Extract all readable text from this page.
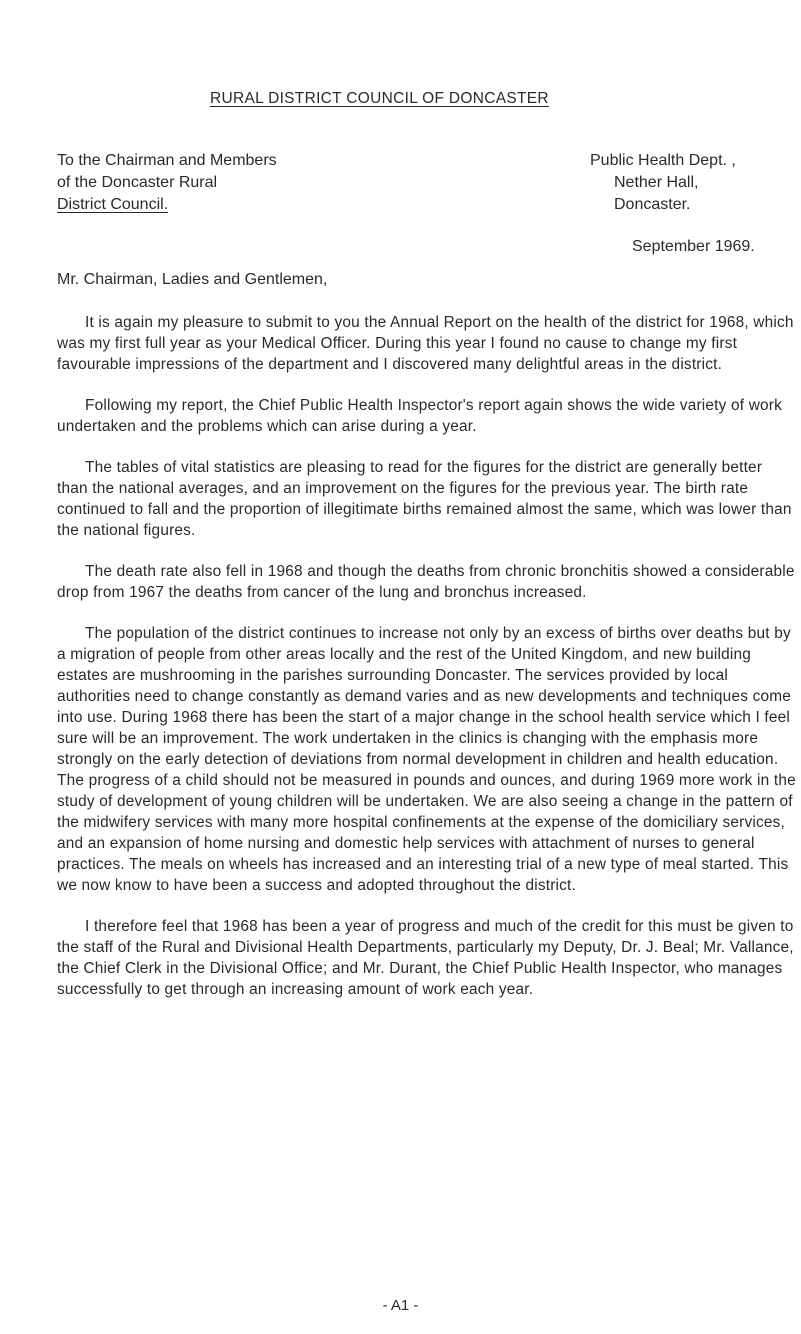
RURAL DISTRICT COUNCIL OF DONCASTER
To the Chairman and Members
of the Doncaster Rural
District Council.
Public Health Dept. ,
Nether Hall,
Doncaster.
September 1969.
Mr. Chairman, Ladies and Gentlemen,

It is again my pleasure to submit to you the Annual Report on the health of the district for 1968, which was my first full year as your Medical Officer. During this year I found no cause to change my first favourable impressions of the department and I discovered many delightful areas in the district.

Following my report, the Chief Public Health Inspector's report again shows the wide variety of work undertaken and the problems which can arise during a year.

The tables of vital statistics are pleasing to read for the figures for the district are generally better than the national averages, and an improvement on the figures for the previous year. The birth rate continued to fall and the proportion of illegitimate births remained almost the same, which was lower than the national figures.

The death rate also fell in 1968 and though the deaths from chronic bronchitis showed a considerable drop from 1967 the deaths from cancer of the lung and bronchus increased.

The population of the district continues to increase not only by an excess of births over deaths but by a migration of people from other areas locally and the rest of the United Kingdom, and new building estates are mushrooming in the parishes surrounding Doncaster. The services provided by local authorities need to change constantly as demand varies and as new developments and techniques come into use. During 1968 there has been the start of a major change in the school health service which I feel sure will be an improvement. The work undertaken in the clinics is changing with the emphasis more strongly on the early detection of deviations from normal development in children and health education. The progress of a child should not be measured in pounds and ounces, and during 1969 more work in the study of development of young children will be undertaken. We are also seeing a change in the pattern of the midwifery services with many more hospital confinements at the expense of the domiciliary services, and an expansion of home nursing and domestic help services with attachment of nurses to general practices. The meals on wheels has increased and an interesting trial of a new type of meal started. This we now know to have been a success and adopted throughout the district.

I therefore feel that 1968 has been a year of progress and much of the credit for this must be given to the staff of the Rural and Divisional Health Departments, particularly my Deputy, Dr. J. Beal; Mr. Vallance, the Chief Clerk in the Divisional Office; and Mr. Durant, the Chief Public Health Inspector, who manages successfully to get through an increasing amount of work each year.

- A1 -
